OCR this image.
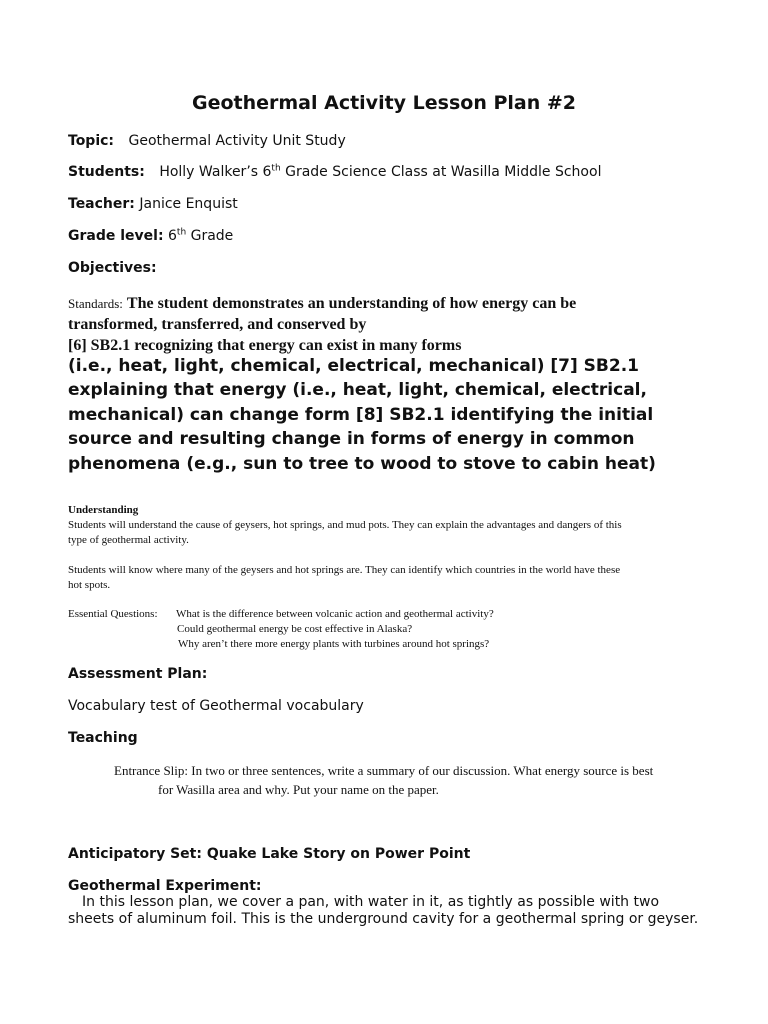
Geothermal Activity Lesson Plan #2
Topic: Geothermal Activity Unit Study
Students: Holly Walker’s 6th Grade Science Class at Wasilla Middle School
Teacher: Janice Enquist
Grade level: 6th Grade
Objectives:
Standards: The student demonstrates an understanding of how energy can be
transformed, transferred, and conserved by
[6] SB2.1 recognizing that energy can exist in many forms
(i.e., heat, light, chemical, electrical, mechanical) [7] SB2.1
explaining that energy (i.e., heat, light, chemical, electrical,
mechanical) can change form [8] SB2.1 identifying the initial
source and resulting change in forms of energy in common
phenomena (e.g., sun to tree to wood to stove to cabin heat)
Understanding
Students will understand the cause of geysers, hot springs, and mud pots. They can explain the advantages and dangers of this
type of geothermal activity.
Students will know where many of the geysers and hot springs are. They can identify which countries in the world have these
hot spots.
Essential Questions: What is the difference between volcanic action and geothermal activity?
Could geothermal energy be cost effective in Alaska?
Why aren’t there more energy plants with turbines around hot springs?
Assessment Plan:
Vocabulary test of Geothermal vocabulary
Teaching
Entrance Slip: In two or three sentences, write a summary of our discussion. What energy source is best
for Wasilla area and why. Put your name on the paper.
Anticipatory Set: Quake Lake Story on Power Point
Geothermal Experiment:
In this lesson plan, we cover a pan, with water in it, as tightly as possible with two
sheets of aluminum foil. This is the underground cavity for a geothermal spring or geyser.
